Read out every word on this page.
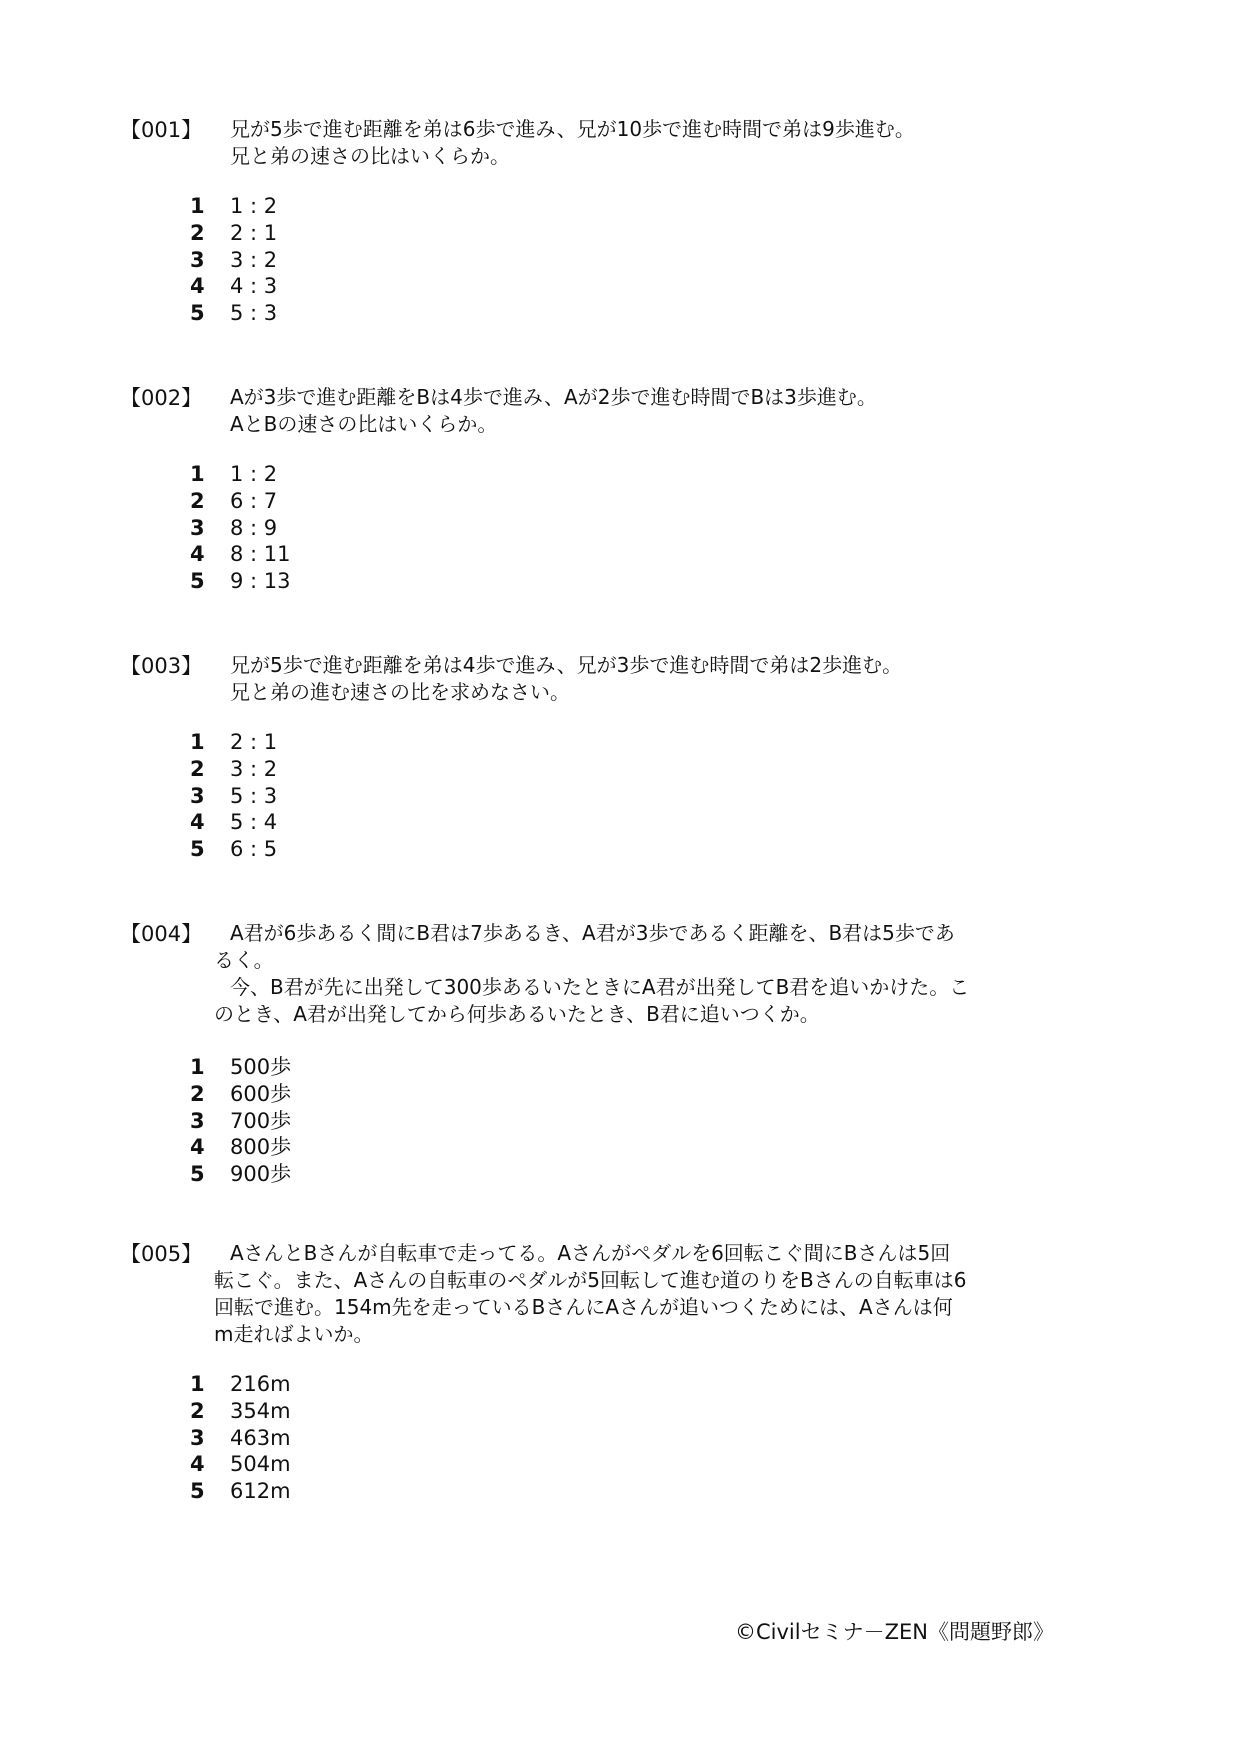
【001】 兄が5歩で進む距離を弟は6歩で進み、兄が10歩で進む時間で弟は9歩進む。
兄と弟の速さの比はいくらか。
1	1 : 2
2	2 : 1
3	3 : 2
4	4 : 3
5	5 : 3
【002】 Aが3歩で進む距離をBは4歩で進み、Aが2歩で進む時間でBは3歩進む。
AとBの速さの比はいくらか。
1	1 : 2
2	6 : 7
3	8 : 9
4	8 : 11
5	9 : 13
【003】 兄が5歩で進む距離を弟は4歩で進み、兄が3歩で進む時間で弟は2歩進む。
兄と弟の進む速さの比を求めなさい。
1	2 : 1
2	3 : 2
3	5 : 3
4	5 : 4
5	6 : 5
【004】	A君が6歩あるく間にB君は7歩あるき、A君が3歩であるく距離を、B君は5歩であるく。
今、B君が先に出発して300歩あるいたときにA君が出発してB君を追いかけた。このとき、A君が出発してから何歩あるいたとき、B君に追いつくか。
1	500歩
2	600歩
3	700歩
4	800歩
5	900歩
【005】	AさんとBさんが自転車で走ってる。Aさんがペダルを6回転こぐ間にBさんは5回転こぐ。また、Aさんの自転車のペダルが5回転して進む道のりをBさんの自転車は6回転で進む。154m先を走っているBさんにAさんが追いつくためには、Aさんは何m走ればよいか。
1	216m
2	354m
3	463m
4	504m
5	612m
©Civilセミナ－ZEN《問題野郎》
